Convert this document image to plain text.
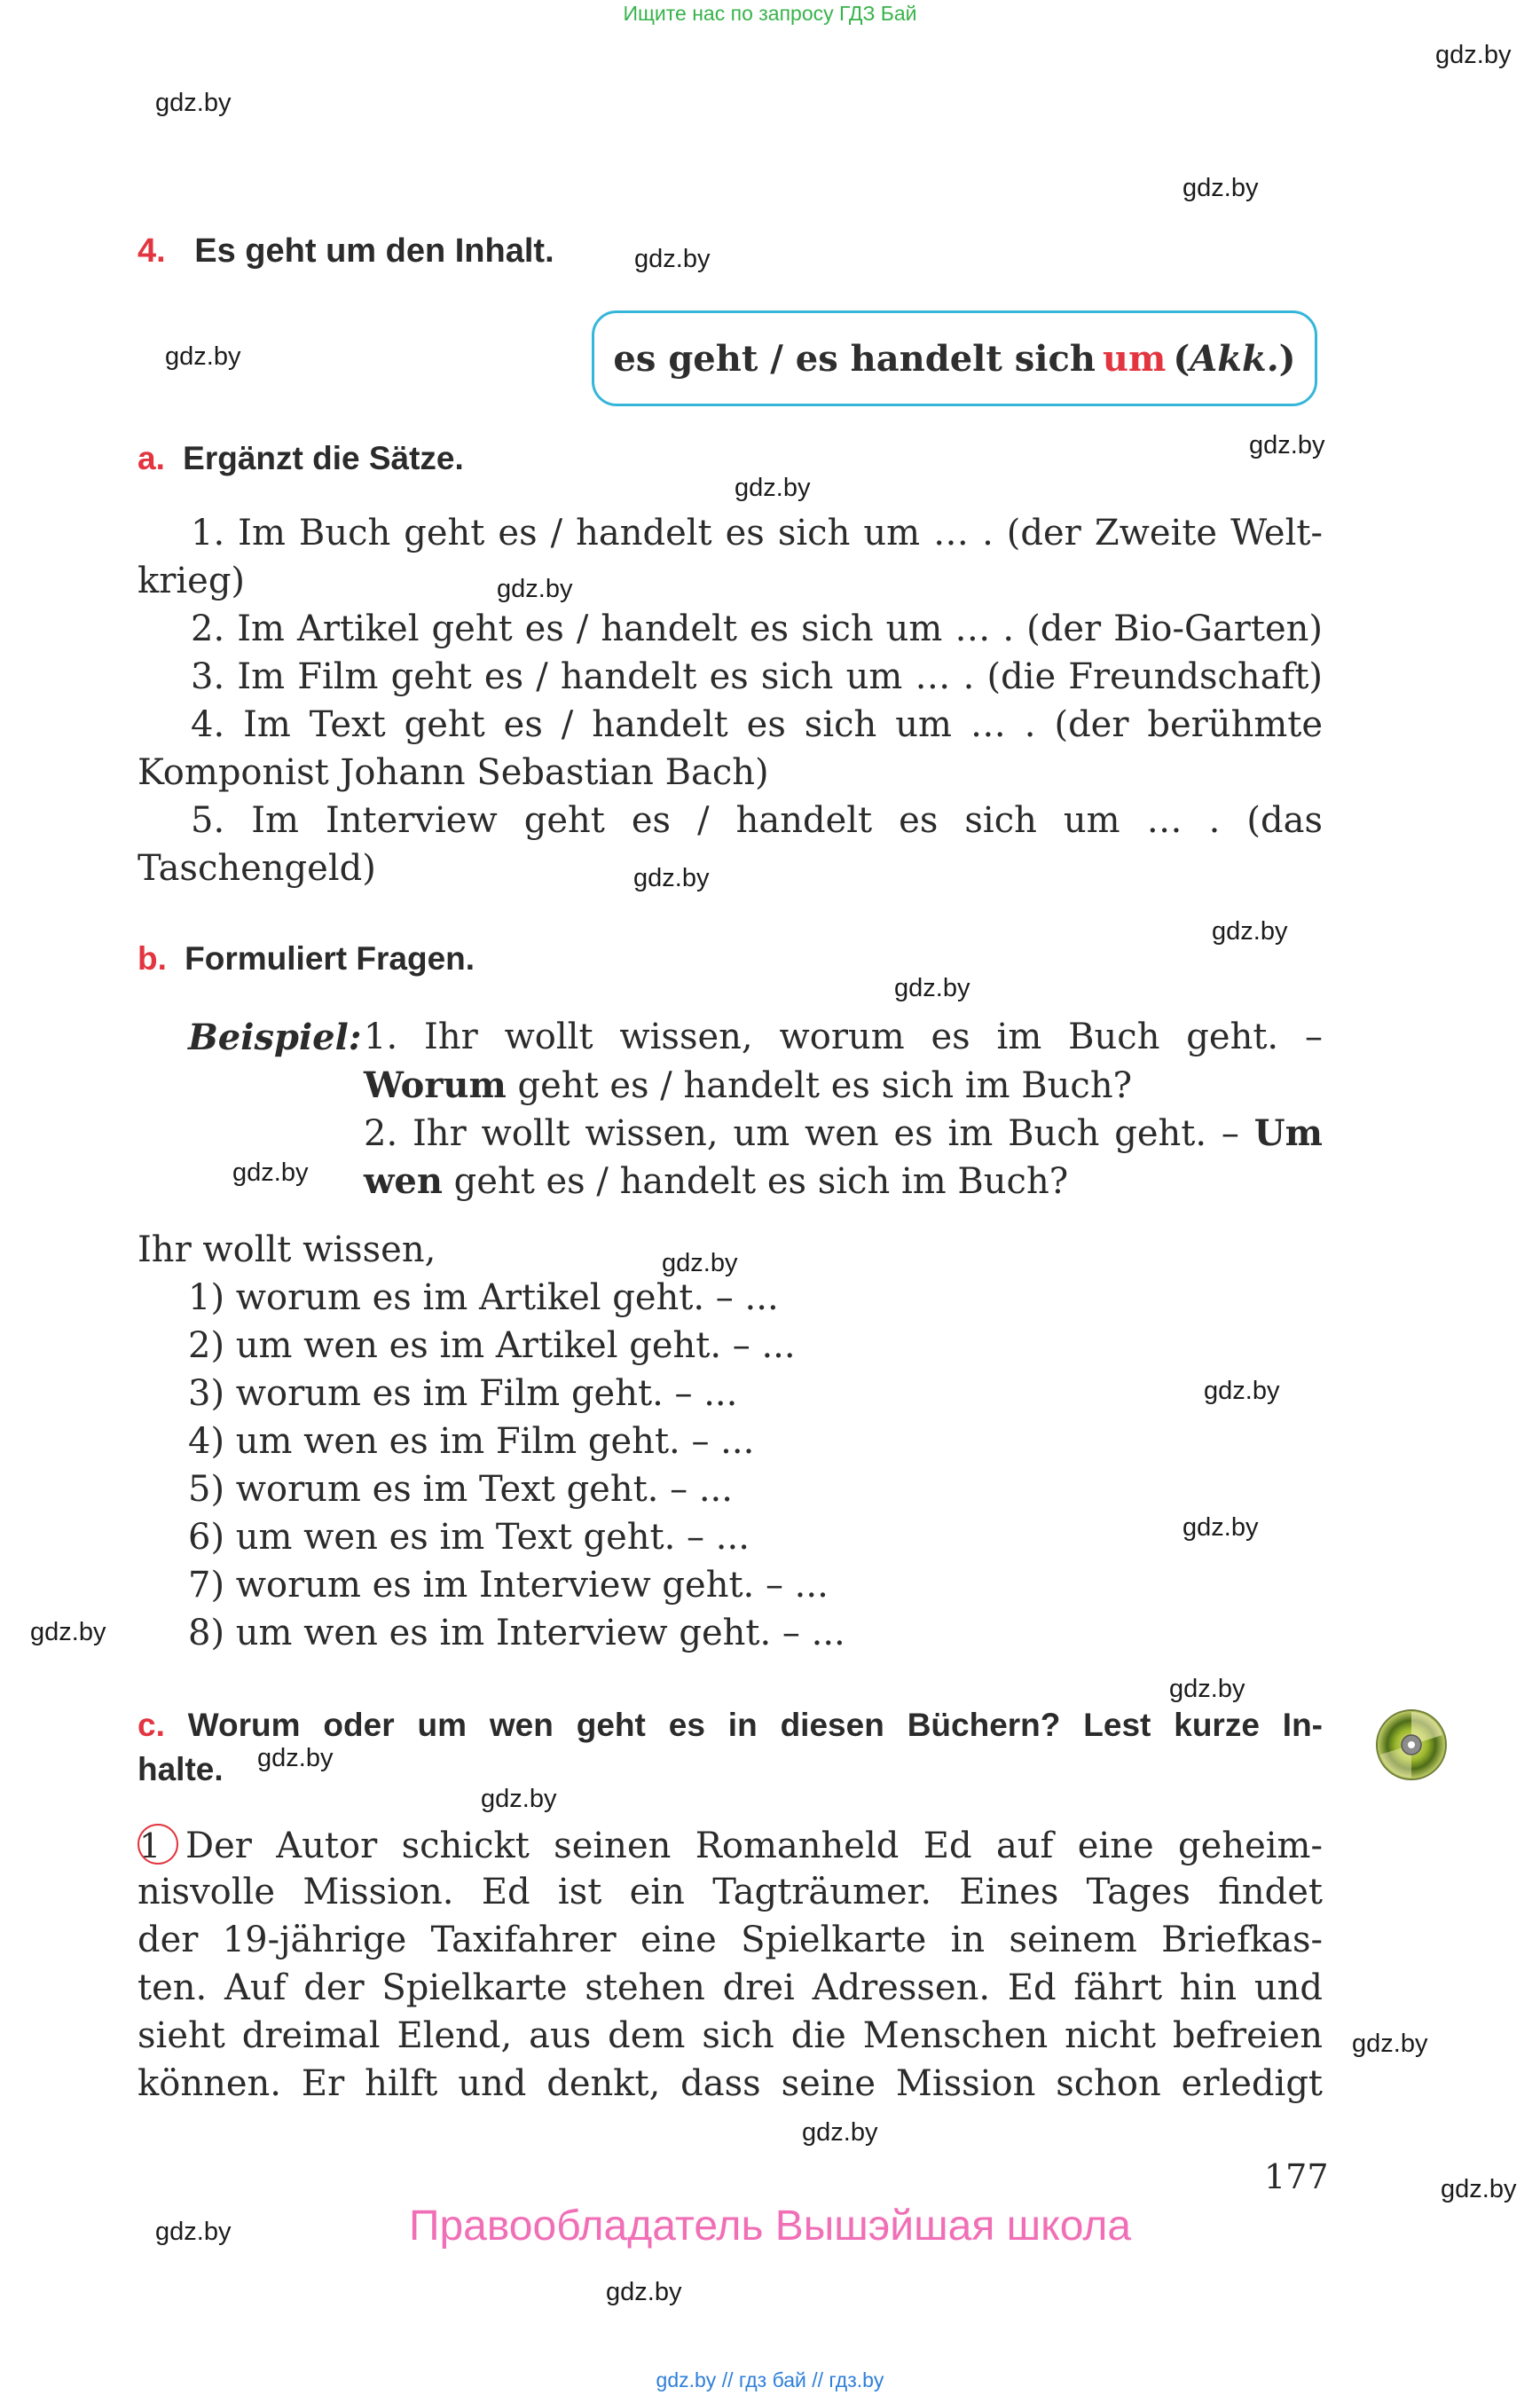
Ищите нас по запросу ГДЗ Бай
gdz.by // гдз бай // гдз.by
gdz.by
gdz.by
gdz.by
gdz.by
gdz.by
gdz.by
gdz.by
gdz.by
gdz.by
gdz.by
gdz.by
gdz.by
gdz.by
gdz.by
gdz.by
gdz.by
gdz.by
gdz.by
gdz.by
gdz.by
gdz.by
gdz.by
gdz.by
gdz.by
4. Es geht um den Inhalt.
es geht / es handelt sich um ( Akk. )
a. Ergänzt die Sätze.
1. Im Buch geht es / handelt es sich um … . (der Zweite Welt-
krieg)
2. Im Artikel geht es / handelt es sich um … . (der Bio-Garten)
3. Im Film geht es / handelt es sich um … . (die Freundschaft)
4. Im Text geht es / handelt es sich um … . (der berühmte
Komponist Johann Sebastian Bach)
5. Im Interview geht es / handelt es sich um … . (das
Taschengeld)
b. Formuliert Fragen.
Beispiel: 1. Ihr wollt wissen, worum es im Buch geht. –
Worum geht es / handelt es sich im Buch?
2. Ihr wollt wissen, um wen es im Buch geht. – Um
wen geht es / handelt es sich im Buch?
Ihr wollt wissen,
1) worum es im Artikel geht. – ...
2) um wen es im Artikel geht. – ...
3) worum es im Film geht. – ...
4) um wen es im Film geht. – ...
5) worum es im Text geht. – ...
6) um wen es im Text geht. – ...
7) worum es im Interview geht. – ...
8) um wen es im Interview geht. – ...
c. Worum oder um wen geht es in diesen Büchern? Lest kurze In-
halte.
1 Der Autor schickt seinen Romanheld Ed auf eine geheim-
nisvolle Mission. Ed ist ein Tagträumer. Eines Tages findet
der 19-jährige Taxifahrer eine Spielkarte in seinem Briefkas-
ten. Auf der Spielkarte stehen drei Adressen. Ed fährt hin und
sieht dreimal Elend, aus dem sich die Menschen nicht befreien
können. Er hilft und denkt, dass seine Mission schon erledigt
177
Правообладатель Вышэйшая школа
